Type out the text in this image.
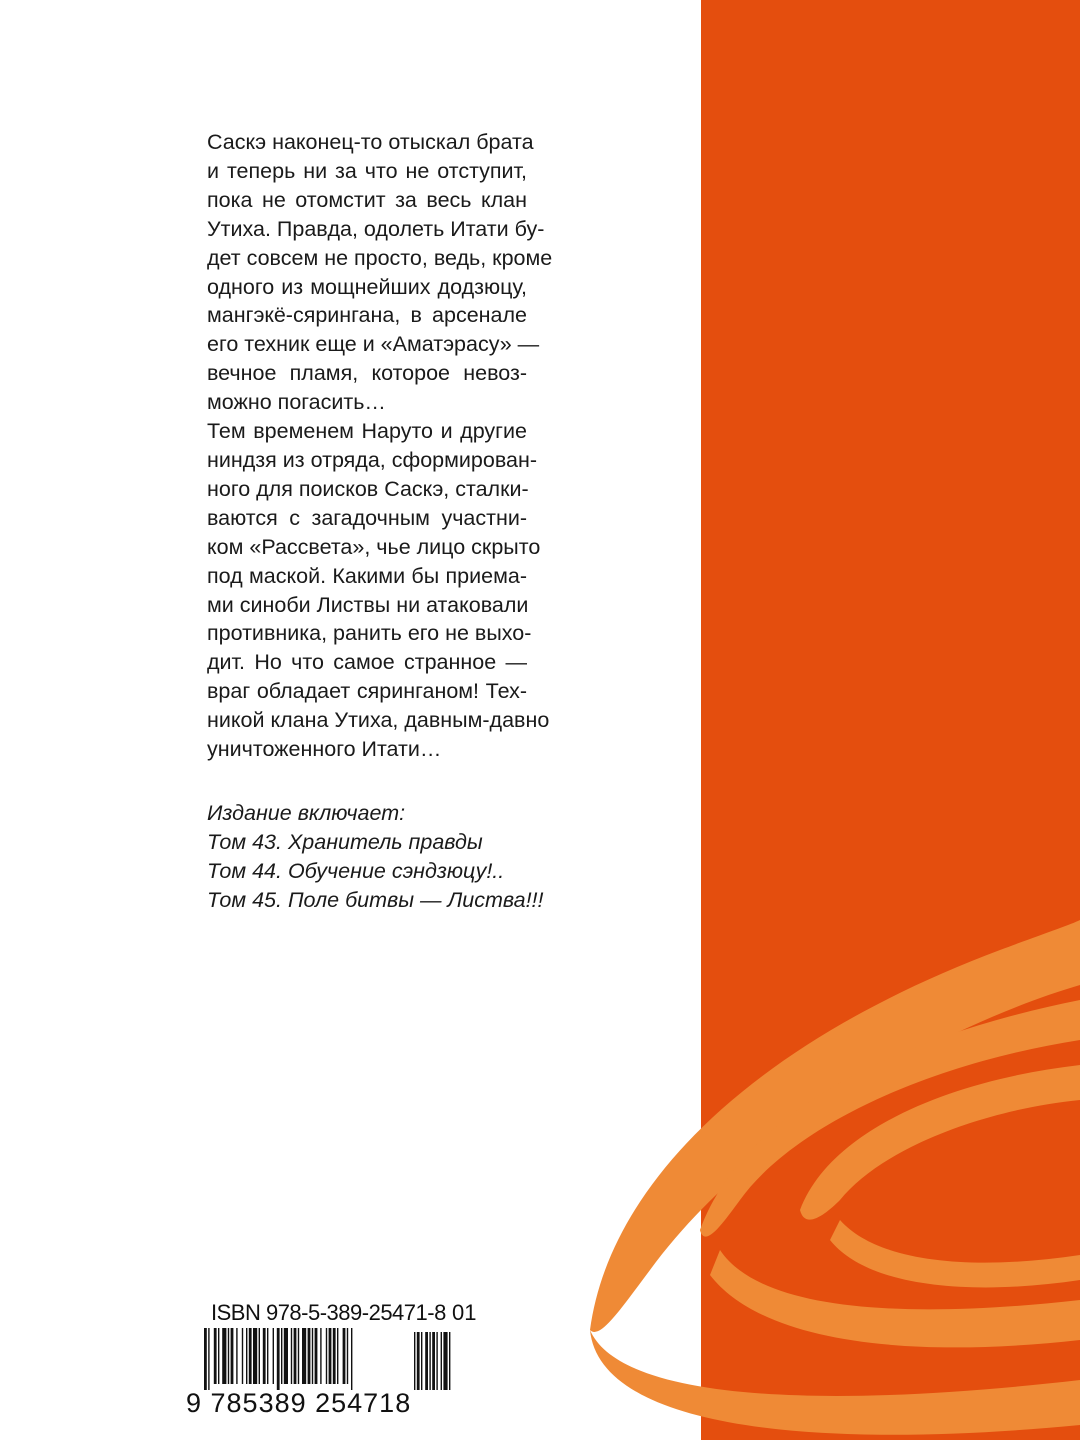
Саскэ наконец-то отыскал брата
и теперь ни за что не отступит,
пока не отомстит за весь клан
Утиха. Правда, одолеть Итати бу-
дет совсем не просто, ведь, кроме
одного из мощнейших додзюцу,
мангэкё-сярингана, в арсенале
его техник еще и «Аматэрасу» —
вечное пламя, которое невоз-
можно погасить…
Тем временем Наруто и другие
ниндзя из отряда, сформирован-
ного для поисков Саскэ, сталки-
ваются с загадочным участни-
ком «Рассвета», чье лицо скрыто
под маской. Какими бы приема-
ми синоби Листвы ни атаковали
противника, ранить его не выхо-
дит. Но что самое странное —
враг обладает сяринганом! Тех-
никой клана Утиха, давным-давно
уничтоженного Итати…
Издание включает:
Том 43. Хранитель правды
Том 44. Обучение сэндзюцу!..
Том 45. Поле битвы — Листва!!!
ISBN 978-5-389-25471-8 01
9 785389 254718
